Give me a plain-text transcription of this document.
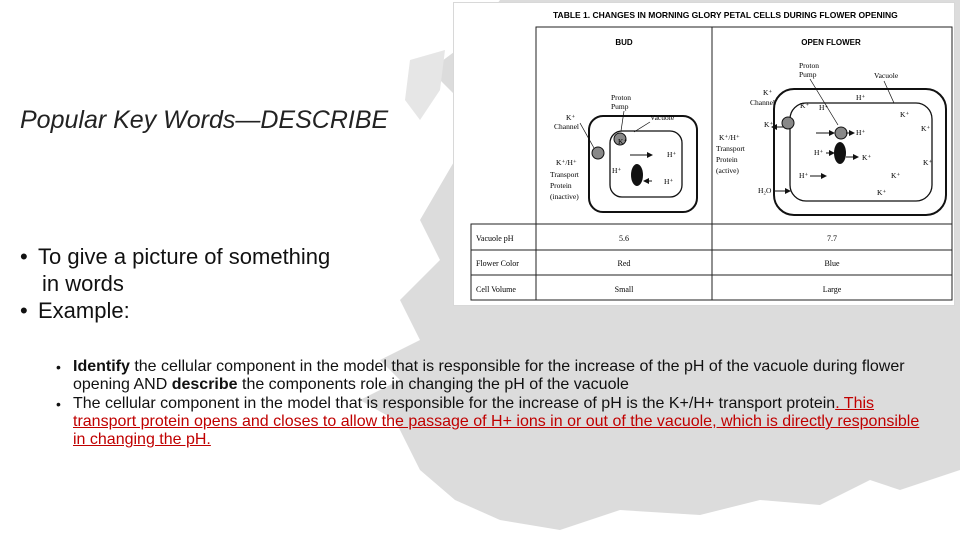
Popular Key Words—DESCRIBE
• To give a picture of something
in words
• Example:
• Identify the cellular component in the model that is responsible for the increase of the pH of the vacuole during flower opening AND describe the components role in changing the pH of the vacuole
• The cellular component in the model that is responsible for the increase of pH is the K+/H+ transport protein. This transport protein opens and closes to allow the passage of H+ ions in or out of the vacuole, which is directly responsible in changing the pH.
TABLE 1. CHANGES IN MORNING GLORY PETAL CELLS DURING FLOWER OPENING
BUD	OPEN FLOWER
K⁺
Channel
Proton
Pump
Vacuole
K⁺/H⁺
Transport
Protein
(inactive)
K⁺
H⁺
H⁺
H⁺
Proton
Pump	Vacuole
K⁺
Channel
K⁺/H⁺
Transport
Protein
(active)
H₂O
H⁺
K⁺ H⁺
K⁺
K⁺
H⁺	K⁺
H⁺
K⁺
K⁺
H⁺	K⁺
K⁺
Vacuole pH	5.6	7.7
Flower Color	Red	Blue
Cell Volume	Small	Large
